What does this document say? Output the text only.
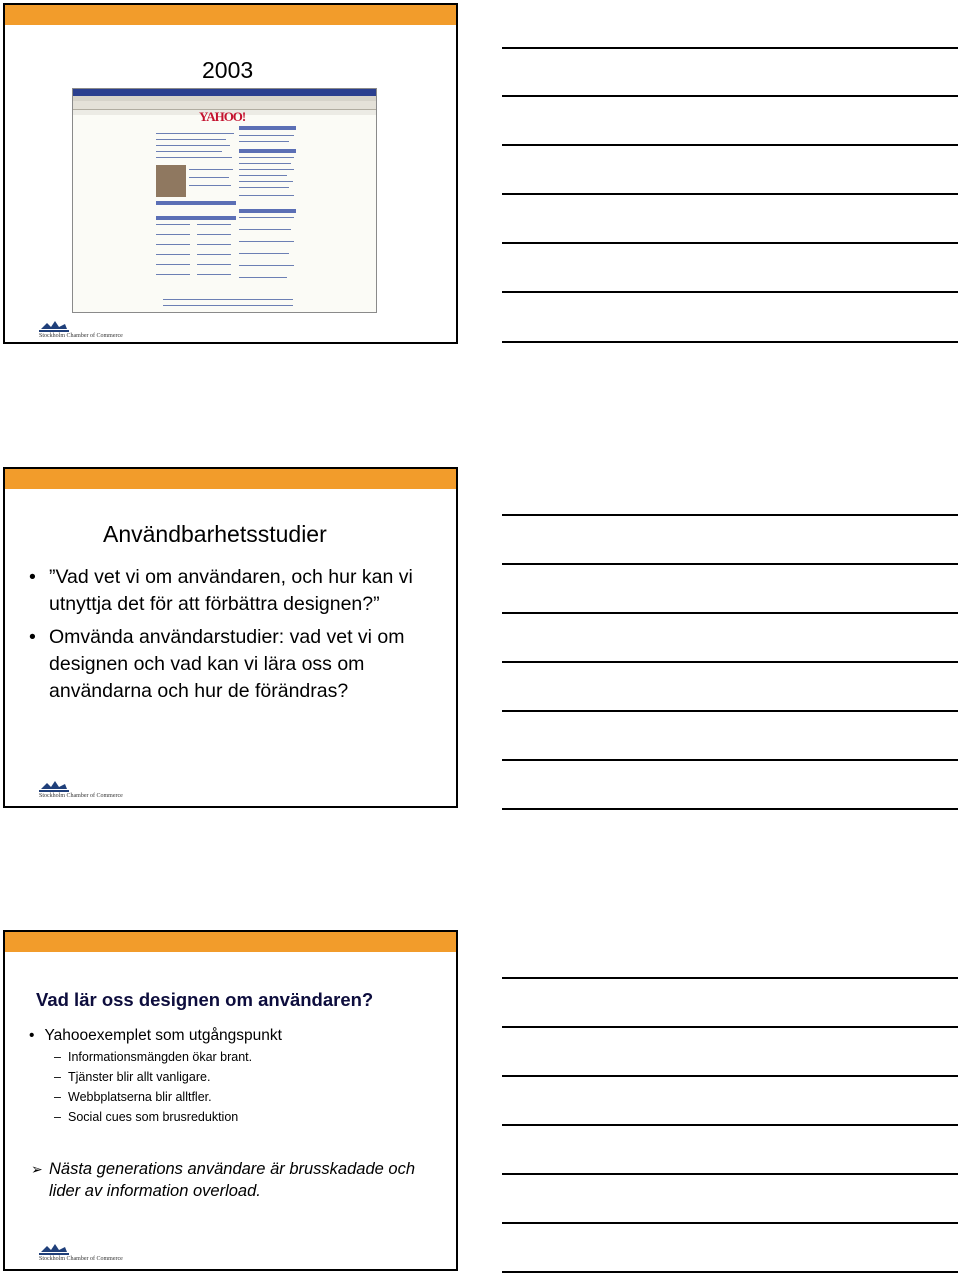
2003
YAHOO!
Stockholm Chamber of Commerce
Användbarhetsstudier
• ”Vad vet vi om användaren, och hur kan vi utnyttja det för att förbättra designen?”
• Omvända användarstudier: vad vet vi om designen och vad kan vi lära oss om användarna och hur de förändras?
Stockholm Chamber of Commerce
Vad lär oss designen om användaren?
• Yahooexemplet som utgångspunkt
– Informationsmängden ökar brant.
– Tjänster blir allt vanligare.
– Webbplatserna blir alltfler.
– Social cues som brusreduktion
➢ Nästa generations användare är brusskadade och lider av information overload.
Stockholm Chamber of Commerce
